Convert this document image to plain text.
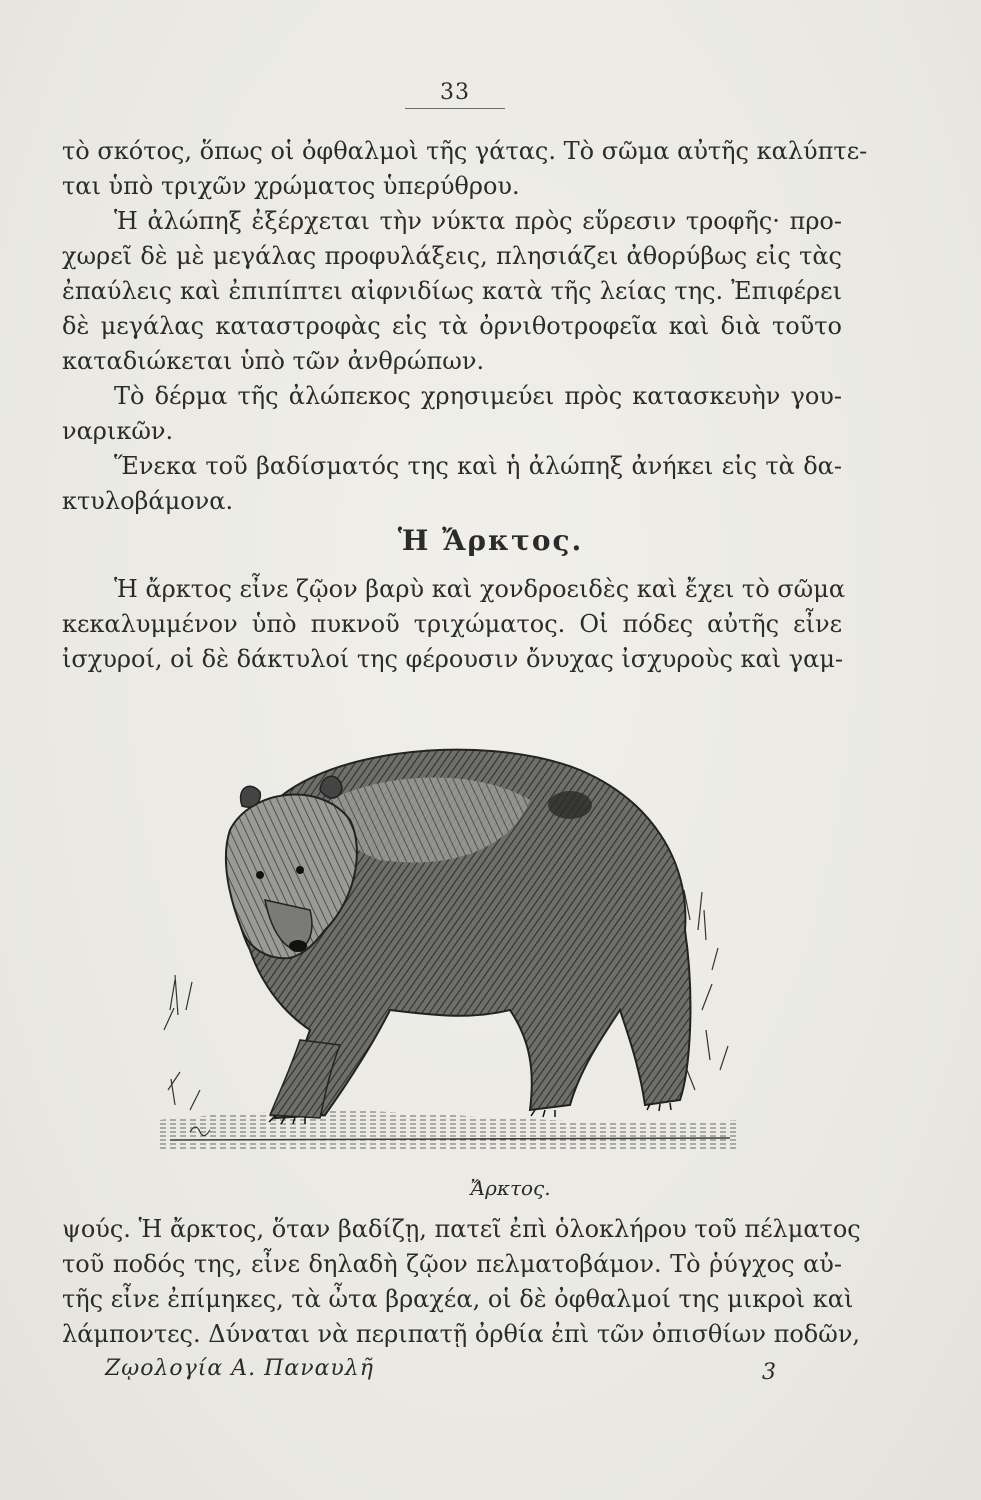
33
τὸ σκότος, ὅπως οἱ ὀφθαλμοὶ τῆς γάτας. Τὸ σῶμα αὐτῆς καλύπτε-
ται ὑπὸ τριχῶν χρώματος ὑπερύθρου.
Ἡ ἀλώπηξ ἐξέρχεται τὴν νύκτα πρὸς εὕρεσιν τροφῆς· προ-
χωρεῖ δὲ μὲ μεγάλας προφυλάξεις, πλησιάζει ἀθορύβως εἰς τὰς
ἐπαύλεις καὶ ἐπιπίπτει αἰφνιδίως κατὰ τῆς λείας της. Ἐπιφέρει
δὲ μεγάλας καταστροφὰς εἰς τὰ ὀρνιθοτροφεῖα καὶ διὰ τοῦτο
καταδιώκεται ὑπὸ τῶν ἀνθρώπων.
Τὸ δέρμα τῆς ἀλώπεκος χρησιμεύει πρὸς κατασκευὴν γου-
ναρικῶν.
Ἕνεκα τοῦ βαδίσματός της καὶ ἡ ἀλώπηξ ἀνήκει εἰς τὰ δα-
κτυλοβάμονα.
Ἡ Ἄρκτος.
Ἡ ἄρκτος εἶνε ζῷον βαρὺ καὶ χονδροειδὲς καὶ ἔχει τὸ σῶμα
κεκαλυμμένον ὑπὸ πυκνοῦ τριχώματος. Οἱ πόδες αὐτῆς εἶνε
ἰσχυροί, οἱ δὲ δάκτυλοί της φέρουσιν ὄνυχας ἰσχυροὺς καὶ γαμ-
Ἄρκτος.
ψούς. Ἡ ἄρκτος, ὅταν βαδίζῃ, πατεῖ ἐπὶ ὁλοκλήρου τοῦ πέλματος
τοῦ ποδός της, εἶνε δηλαδὴ ζῷον πελματοβάμον. Τὸ ῥύγχος αὐ-
τῆς εἶνε ἐπίμηκες, τὰ ὦτα βραχέα, οἱ δὲ ὀφθαλμοί της μικροὶ καὶ
λάμποντες. Δύναται νὰ περιπατῇ ὀρθία ἐπὶ τῶν ὀπισθίων ποδῶν,
Ζῳολογία Α. Παναυλῆ	3
